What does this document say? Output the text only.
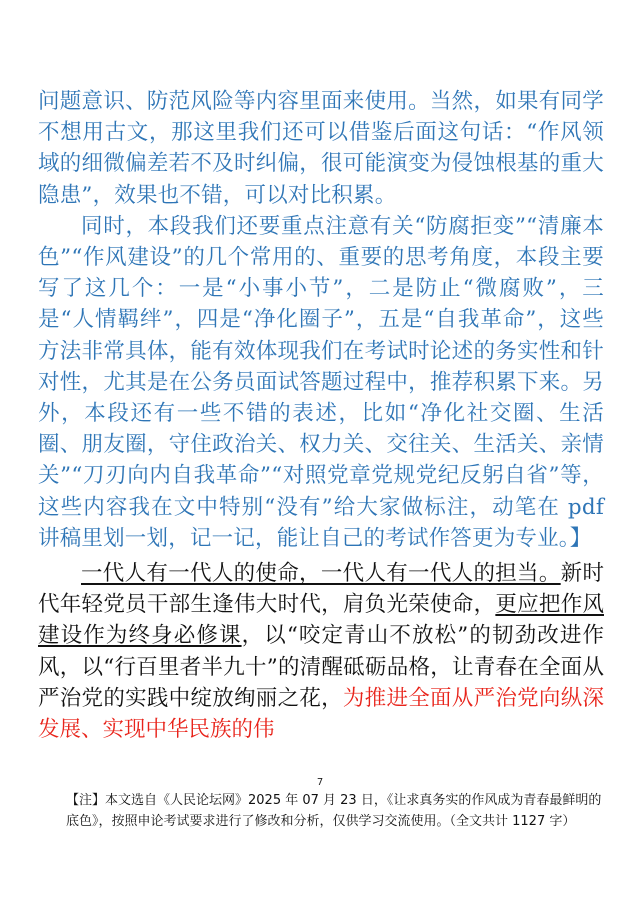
问题意识、防范风险等内容里面来使用。当然，如果有同学不想用古文，那这里我们还可以借鉴后面这句话：“作风领域的细微偏差若不及时纠偏，很可能演变为侵蚀根基的重大隐患”，效果也不错，可以对比积累。

同时，本段我们还要重点注意有关“防腐拒变”“清廉本色”“作风建设”的几个常用的、重要的思考角度，本段主要写了这几个：一是“小事小节”，二是防止“微腐败”，三是“人情羁绊”，四是“净化圈子”，五是“自我革命”，这些方法非常具体，能有效体现我们在考试时论述的务实性和针对性，尤其是在公务员面试答题过程中，推荐积累下来。另外，本段还有一些不错的表述，比如“净化社交圈、生活圈、朋友圈，守住政治关、权力关、交往关、生活关、亲情关”“刀刃向内自我革命”“对照党章党规党纪反躬自省”等，这些内容我在文中特别“没有”给大家做标注，动笔在 pdf 讲稿里划一划，记一记，能让自己的考试作答更为专业。】

一代人有一代人的使命，一代人有一代人的担当。新时代年轻党员干部生逢伟大时代，肩负光荣使命，更应把作风建设作为终身必修课，以“咬定青山不放松”的韧劲改进作风，以“行百里者半九十”的清醒砥砺品格，让青春在全面从严治党的实践中绽放绚丽之花，为推进全面从严治党向纵深发展、实现中华民族的伟

7
【注】本文选自《人民论坛网》2025 年 07 月 23 日，《让求真务实的作风成为青春最鲜明的底色》，按照申论考试要求进行了修改和分析，仅供学习交流使用。（全文共计 1127 字）
